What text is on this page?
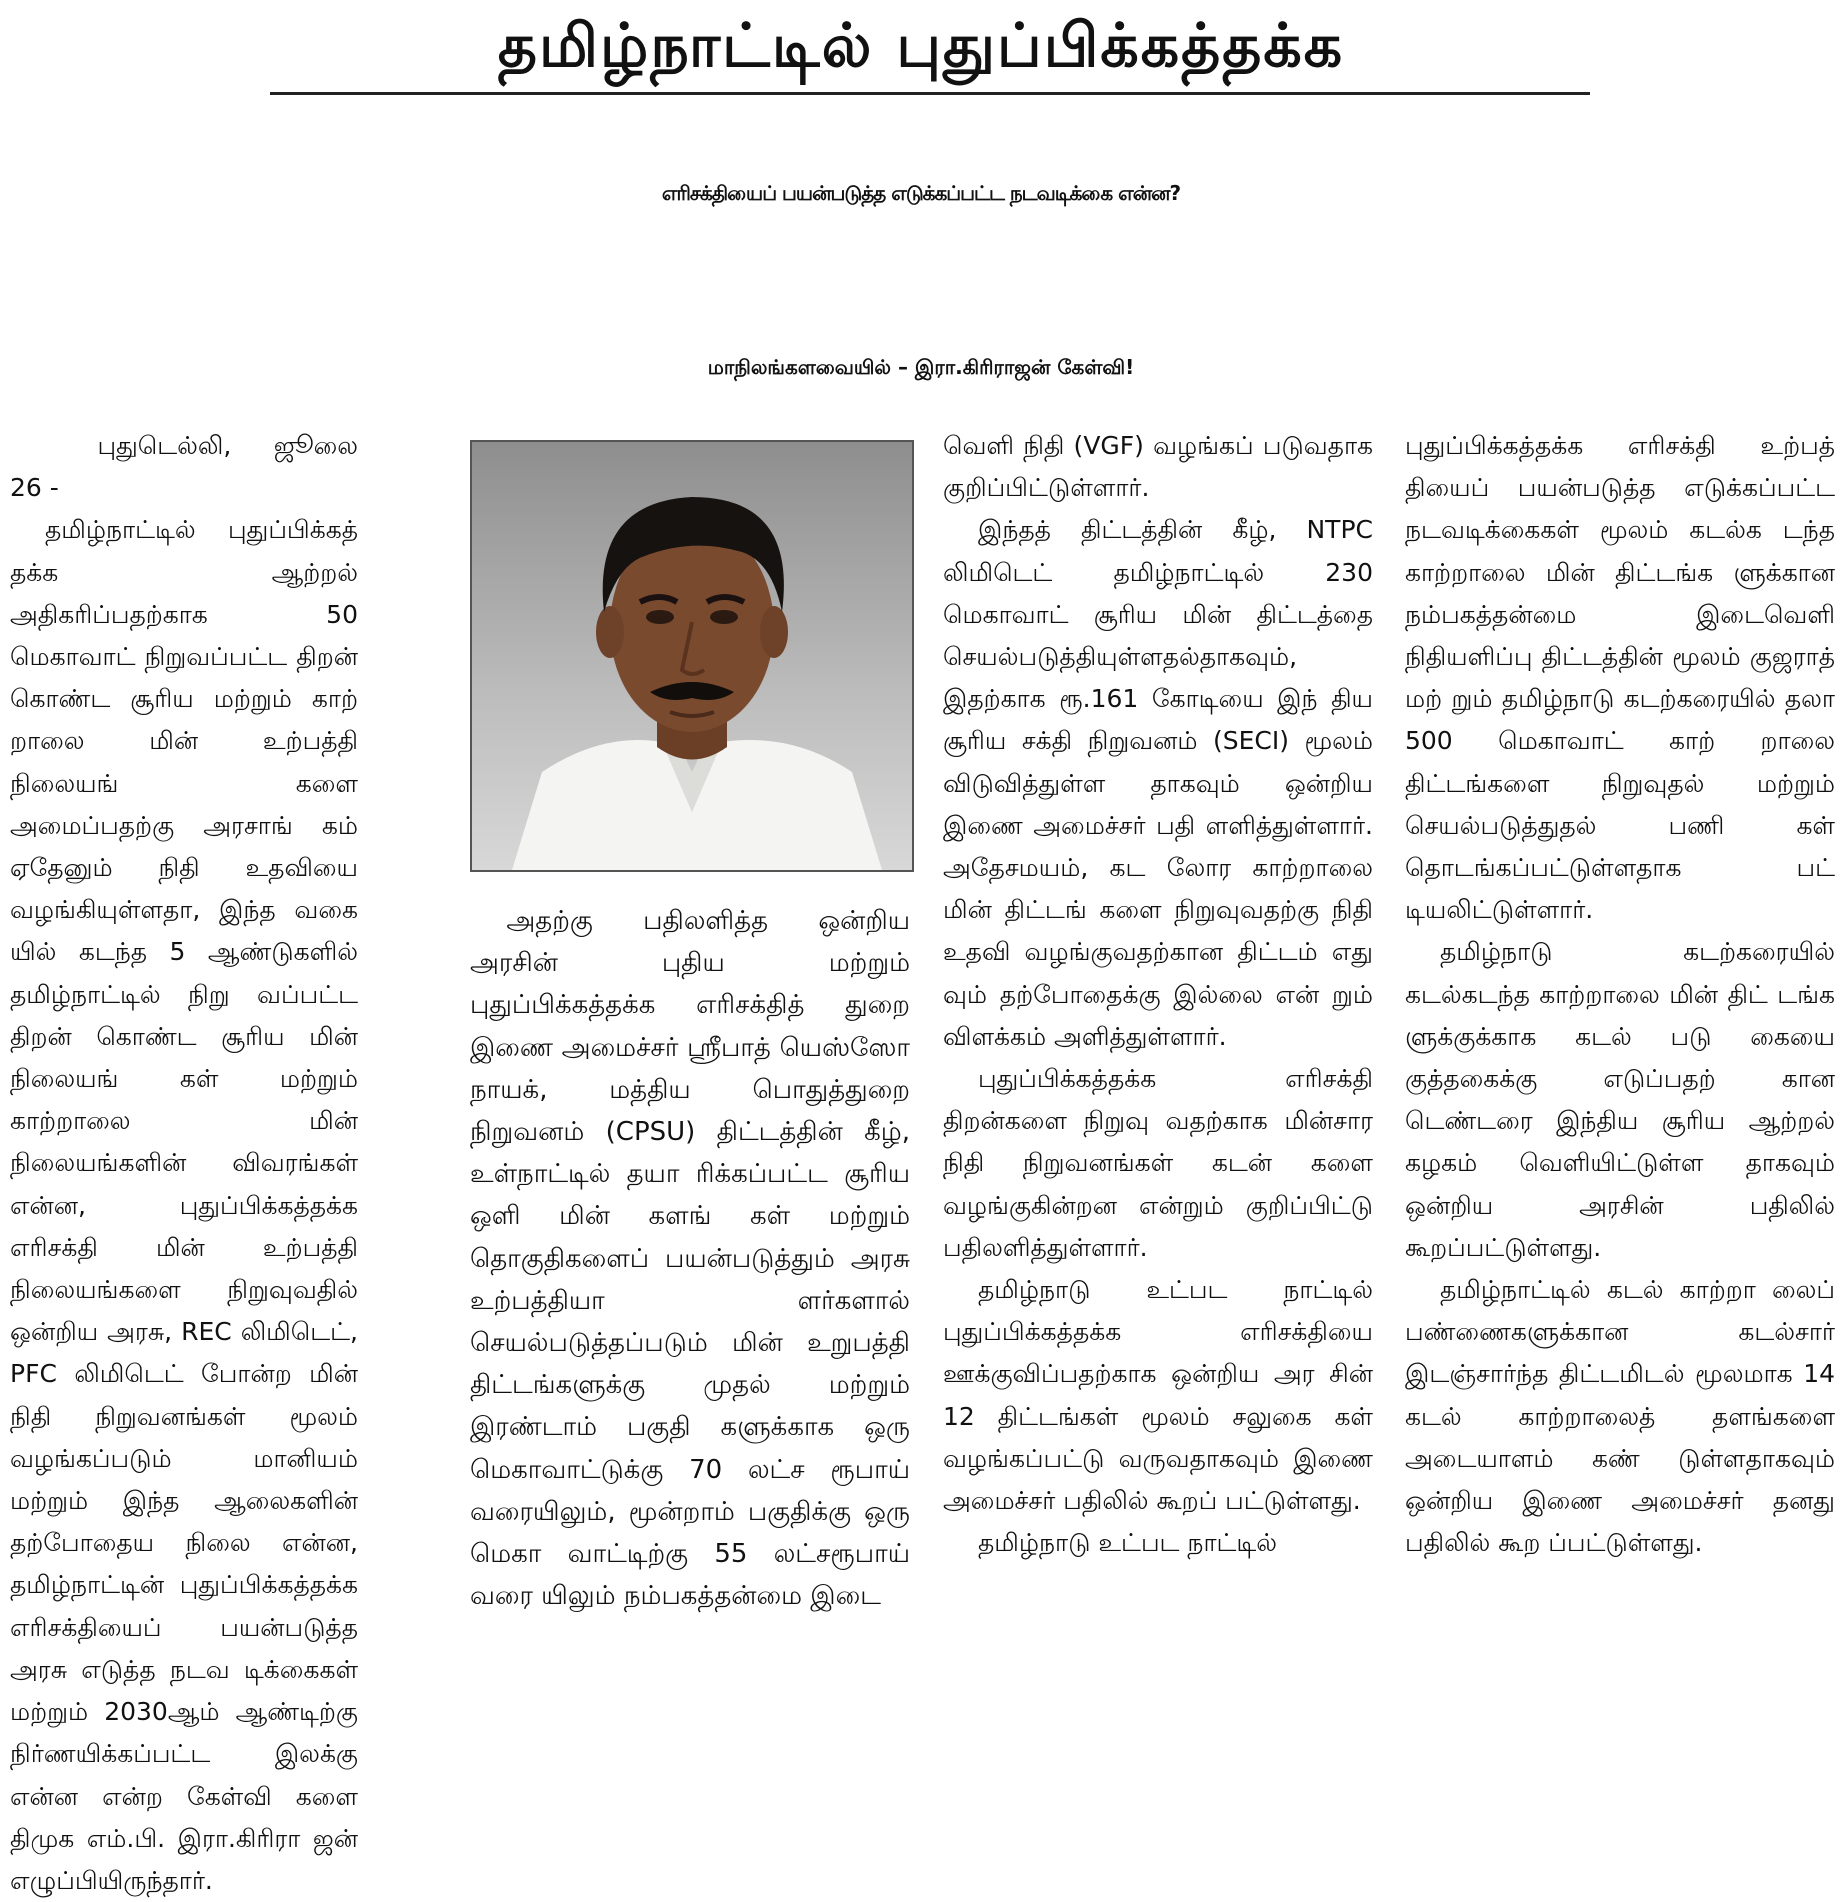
தமிழ்நாட்டில் புதுப்பிக்கத்தக்க
எரிசக்தியைப் பயன்படுத்த எடுக்கப்பட்ட நடவடிக்கை என்ன?
மாநிலங்களவையில் – இரா.கிரிராஜன் கேள்வி!

புதுடெல்லி, ஜூலை 26 -

தமிழ்நாட்டில் புதுப்பிக்கத் தக்க ஆற்றல் அதிகரிப்பதற்காக 50 மெகாவாட் நிறுவப்பட்ட திறன் கொண்ட சூரிய மற்றும் காற் றாலை மின் உற்பத்தி நிலையங் களை அமைப்பதற்கு அரசாங் கம் ஏதேனும் நிதி உதவியை வழங்கியுள்ளதா, இந்த வகை யில் கடந்த 5 ஆண்டுகளில் தமிழ்நாட்டில் நிறு வப்பட்ட திறன் கொண்ட சூரிய மின் நிலையங் கள் மற்றும் காற்றாலை மின் நிலையங்களின் விவரங்கள் என்ன, புதுப்பிக்கத்தக்க எரிசக்தி மின் உற்பத்தி நிலையங்களை நிறுவுவதில் ஒன்றிய அரசு, REC லிமிடெட், PFC லிமிடெட் போன்ற மின் நிதி நிறுவனங்கள் மூலம் வழங்கப்படும் மானியம் மற்றும் இந்த ஆலைகளின் தற்போதைய நிலை என்ன, தமிழ்நாட்டின் புதுப்பிக்கத்தக்க எரிசக்தியைப் பயன்படுத்த அரசு எடுத்த நடவ டிக்கைகள் மற்றும் 2030ஆம் ஆண்டிற்கு நிர்ணயிக்கப்பட்ட இலக்கு என்ன என்ற கேள்வி களை திமுக எம்.பி. இரா.கிரிரா ஜன் எழுப்பியிருந்தார்.

அதற்கு பதிலளித்த ஒன்றிய அரசின் புதிய மற்றும் புதுப்பிக்கத்தக்க எரிசக்தித் துறை இணை அமைச்சர் ஸ்ரீபாத் யெஸ்ஸோ நாயக், மத்திய பொதுத்துறை நிறுவனம் (CPSU) திட்டத்தின் கீழ், உள்நாட்டில் தயா ரிக்கப்பட்ட சூரிய ஒளி மின் களங் கள் மற்றும் தொகுதிகளைப் பயன்படுத்தும் அரசு உற்பத்தியா ளர்களால் செயல்படுத்தப்படும் மின் உறுபத்தி திட்டங்களுக்கு முதல் மற்றும் இரண்டாம் பகுதி களுக்காக ஒரு மெகாவாட்டுக்கு 70 லட்ச ரூபாய் வரையிலும், மூன்றாம் பகுதிக்கு ஒரு மெகா வாட்டிற்கு 55 லட்சரூபாய் வரை யிலும் நம்பகத்தன்மை இடை

வெளி நிதி (VGF) வழங்கப் படுவதாக குறிப்பிட்டுள்ளார்.

இந்தத் திட்டத்தின் கீழ், NTPC லிமிடெட் தமிழ்நாட்டில் 230 மெகாவாட் சூரிய மின் திட்டத்தை செயல்படுத்தியுள்ளதல்தாகவும், இதற்காக ரூ.161 கோடியை இந் திய சூரிய சக்தி நிறுவனம் (SECI) மூலம் விடுவித்துள்ள தாகவும் ஒன்றிய இணை அமைச்சர் பதி ளளித்துள்ளார். அதேசமயம், கட லோர காற்றாலை மின் திட்டங் களை நிறுவுவதற்கு நிதி உதவி வழங்குவதற்கான திட்டம் எது வும் தற்போதைக்கு இல்லை என் றும் விளக்கம் அளித்துள்ளார்.

புதுப்பிக்கத்தக்க எரிசக்தி திறன்களை நிறுவு வதற்காக மின்சார நிதி நிறுவனங்கள் கடன் களை வழங்குகின்றன என்றும் குறிப்பிட்டு பதிலளித்துள்ளார்.

தமிழ்நாடு உட்பட நாட்டில் புதுப்பிக்கத்தக்க எரிசக்தியை ஊக்குவிப்பதற்காக ஒன்றிய அர சின் 12 திட்டங்கள் மூலம் சலுகை கள் வழங்கப்பட்டு வருவதாகவும் இணை அமைச்சர் பதிலில் கூறப் பட்டுள்ளது.

தமிழ்நாடு உட்பட நாட்டில்

புதுப்பிக்கத்தக்க எரிசக்தி உற்பத் தியைப் பயன்படுத்த எடுக்கப்பட்ட நடவடிக்கைகள் மூலம் கடல்க டந்த காற்றாலை மின் திட்டங்க ளுக்கான நம்பகத்தன்மை இடைவெளி நிதியளிப்பு திட்டத்தின் மூலம் குஜராத் மற் றும் தமிழ்நாடு கடற்கரையில் தலா 500 மெகாவாட் காற் றாலை திட்டங்களை நிறுவுதல் மற்றும் செயல்படுத்துதல் பணி கள் தொடங்கப்பட்டுள்ளதாக பட் டியலிட்டுள்ளார்.

தமிழ்நாடு கடற்கரையில் கடல்கடந்த காற்றாலை மின் திட் டங்க ளுக்குக்காக கடல் படு கையை குத்தகைக்கு எடுப்பதற் கான டெண்டரை இந்திய சூரிய ஆற்றல் கழகம் வெளியிட்டுள்ள தாகவும் ஒன்றிய அரசின் பதிலில் கூறப்பட்டுள்ளது.

தமிழ்நாட்டில் கடல் காற்றா லைப் பண்ணைகளுக்கான கடல்சார் இடஞ்சார்ந்த திட்டமிடல் மூலமாக 14 கடல் காற்றாலைத் தளங்களை அடையாளம் கண் டுள்ளதாகவும் ஒன்றிய இணை அமைச்சர் தனது பதிலில் கூற ப்பட்டுள்ளது.
